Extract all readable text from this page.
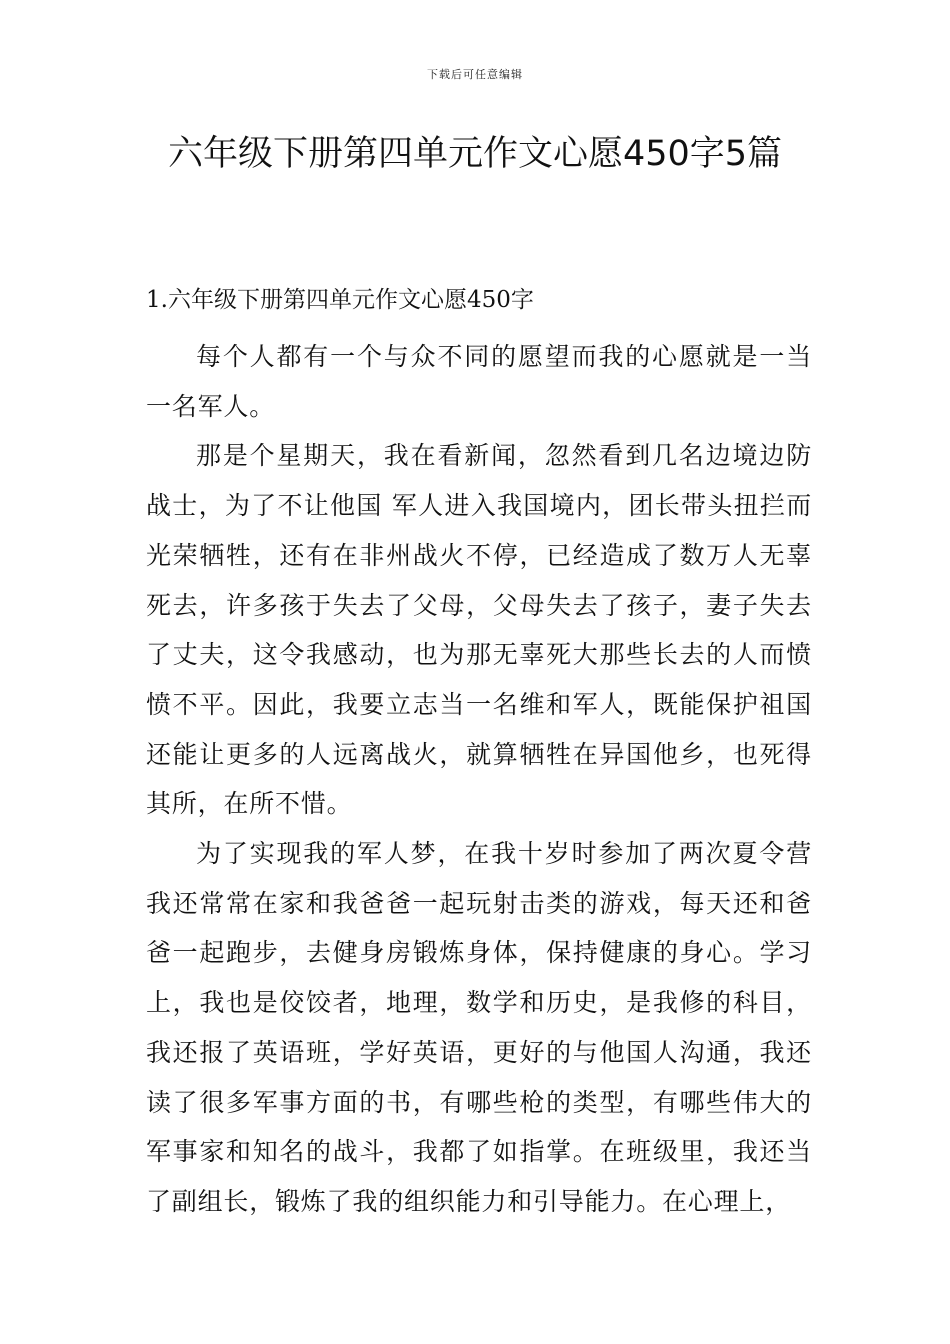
下载后可任意编辑
六年级下册第四单元作文心愿450字5篇

1.六年级下册第四单元作文心愿450字

每个人都有一个与众不同的愿望而我的心愿就是一当一名军人。

那是个星期天，我在看新闻，忽然看到几名边境边防战士，为了不让他国 军人进入我国境内，团长带头扭拦而光荣牺牲，还有在非州战火不停，已经造成了数万人无辜死去，许多孩于失去了父母，父母失去了孩子，妻子失去了丈夫，这令我感动，也为那无辜死大那些长去的人而愤愤不平。因此，我要立志当一名维和军人，既能保护祖国还能让更多的人远离战火，就算牺牲在异国他乡，也死得其所，在所不惜。

为了实现我的军人梦，在我十岁时参加了两次夏令营我还常常在家和我爸爸一起玩射击类的游戏，每天还和爸爸一起跑步，去健身房锻炼身体，保持健康的身心。学习上，我也是佼饺者，地理，数学和历史，是我修的科目，我还报了英语班，学好英语，更好的与他国人沟通，我还读了很多军事方面的书，有哪些枪的类型，有哪些伟大的军事家和知名的战斗，我都了如指掌。在班级里，我还当了副组长，锻炼了我的组织能力和引导能力。在心理上，
